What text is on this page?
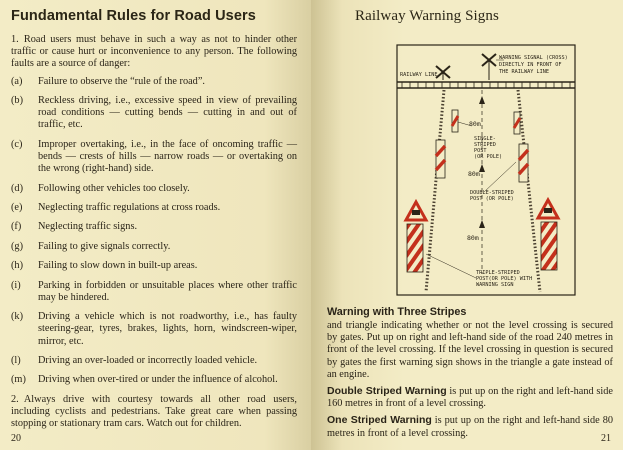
Fundamental Rules for Road Users

1. Road users must behave in such a way as not to hinder other traffic or cause hurt or inconvenience to any person. The following faults are a source of danger:

(a)	Failure to observe the “rule of the road”.
(b)	Reckless driving, i.e., excessive speed in view of prevailing road conditions — cutting bends — cutting in and out of traffic, etc.
(c)	Improper overtaking, i.e., in the face of oncoming traffic — bends — crests of hills — narrow roads — or overtaking on the wrong (right-hand) side.
(d)	Following other vehicles too closely.
(e)	Neglecting traffic regulations at cross roads.
(f)	Neglecting traffic signs.
(g)	Failing to give signals correctly.
(h)	Failing to slow down in built-up areas.
(i)	Parking in forbidden or unsuitable places where other traffic may be hindered.
(k)	Driving a vehicle which is not roadworthy, i.e., has faulty steering-gear, tyres, brakes, lights, horn, windscreen-wiper, mirror, etc.
(l)	Driving an over-loaded or incorrectly loaded vehicle.
(m)	Driving when over-tired or under the influence of alcohol.

2. Always drive with courtesy towards all other road users, including cyclists and pedestrians. Take great care when passing stopping or stationary tram cars. Watch out for children.

20
Railway Warning Signs
21
RAILWAY LINE
WARNING SIGNAL (CROSS)
DIRECTLY IN FRONT OF
THE RAILWAY LINE
80m
SINGLE-
STRIPED
POST
(OR POLE)
80m
DOUBLE-STRIPED
POST (OR POLE)
80m
TRIPLE-STRIPED
POST(OR POLE) WITH
WARNING SIGN
Warning with Three Stripes

and triangle indicating whether or not the level crossing is secured by gates. Put up on right and left-hand side of the road 240 metres in front of the level crossing. If the level crossing in question is secured by gates the first warning sign shows in the triangle a gate instead of an engine.

Double Striped Warning is put up on the right and left-hand side 160 metres in front of a level crossing.

One Striped Warning is put up on the right and left-hand side 80 metres in front of a level crossing.
